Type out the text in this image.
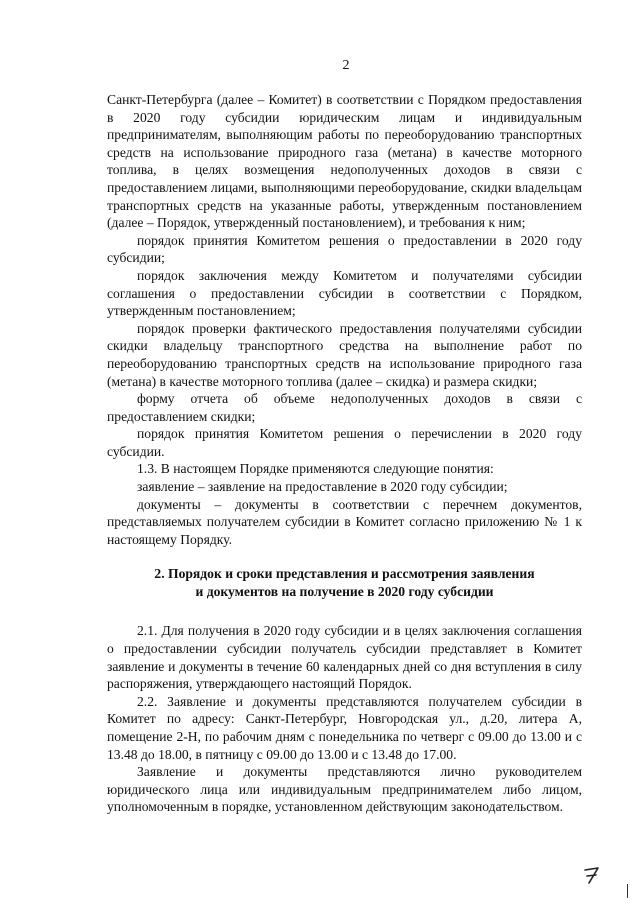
2

Санкт-Петербурга (далее – Комитет) в соответствии с Порядком предоставления в 2020 году субсидии юридическим лицам и индивидуальным предпринимателям, выполняющим работы по переоборудованию транспортных средств на использование природного газа (метана) в качестве моторного топлива, в целях возмещения недополученных доходов в связи с предоставлением лицами, выполняющими переоборудование, скидки владельцам транспортных средств на указанные работы, утвержденным постановлением (далее – Порядок, утвержденный постановлением), и требования к ним;

порядок принятия Комитетом решения о предоставлении в 2020 году субсидии;

порядок заключения между Комитетом и получателями субсидии соглашения о предоставлении субсидии в соответствии с Порядком, утвержденным постановлением;

порядок проверки фактического предоставления получателями субсидии скидки владельцу транспортного средства на выполнение работ по переоборудованию транспортных средств на использование природного газа (метана) в качестве моторного топлива (далее – скидка) и размера скидки;

форму отчета об объеме недополученных доходов в связи с предоставлением скидки;

порядок принятия Комитетом решения о перечислении в 2020 году субсидии.

1.3. В настоящем Порядке применяются следующие понятия:

заявление – заявление на предоставление в 2020 году субсидии;

документы – документы в соответствии с перечнем документов, представляемых получателем субсидии в Комитет согласно приложению № 1 к настоящему Порядку.

2. Порядок и сроки представления и рассмотрения заявления
и документов на получение в 2020 году субсидии

2.1. Для получения в 2020 году субсидии и в целях заключения соглашения о предоставлении субсидии получатель субсидии представляет в Комитет заявление и документы в течение 60 календарных дней со дня вступления в силу распоряжения, утверждающего настоящий Порядок.

2.2. Заявление и документы представляются получателем субсидии в Комитет по адресу: Санкт-Петербург, Новгородская ул., д.20, литера А, помещение 2-Н, по рабочим дням с понедельника по четверг с 09.00 до 13.00 и с 13.48 до 18.00, в пятницу с 09.00 до 13.00 и с 13.48 до 17.00.

Заявление и документы представляются лично руководителем юридического лица или индивидуальным предпринимателем либо лицом, уполномоченным в порядке, установленном действующим законодательством.
